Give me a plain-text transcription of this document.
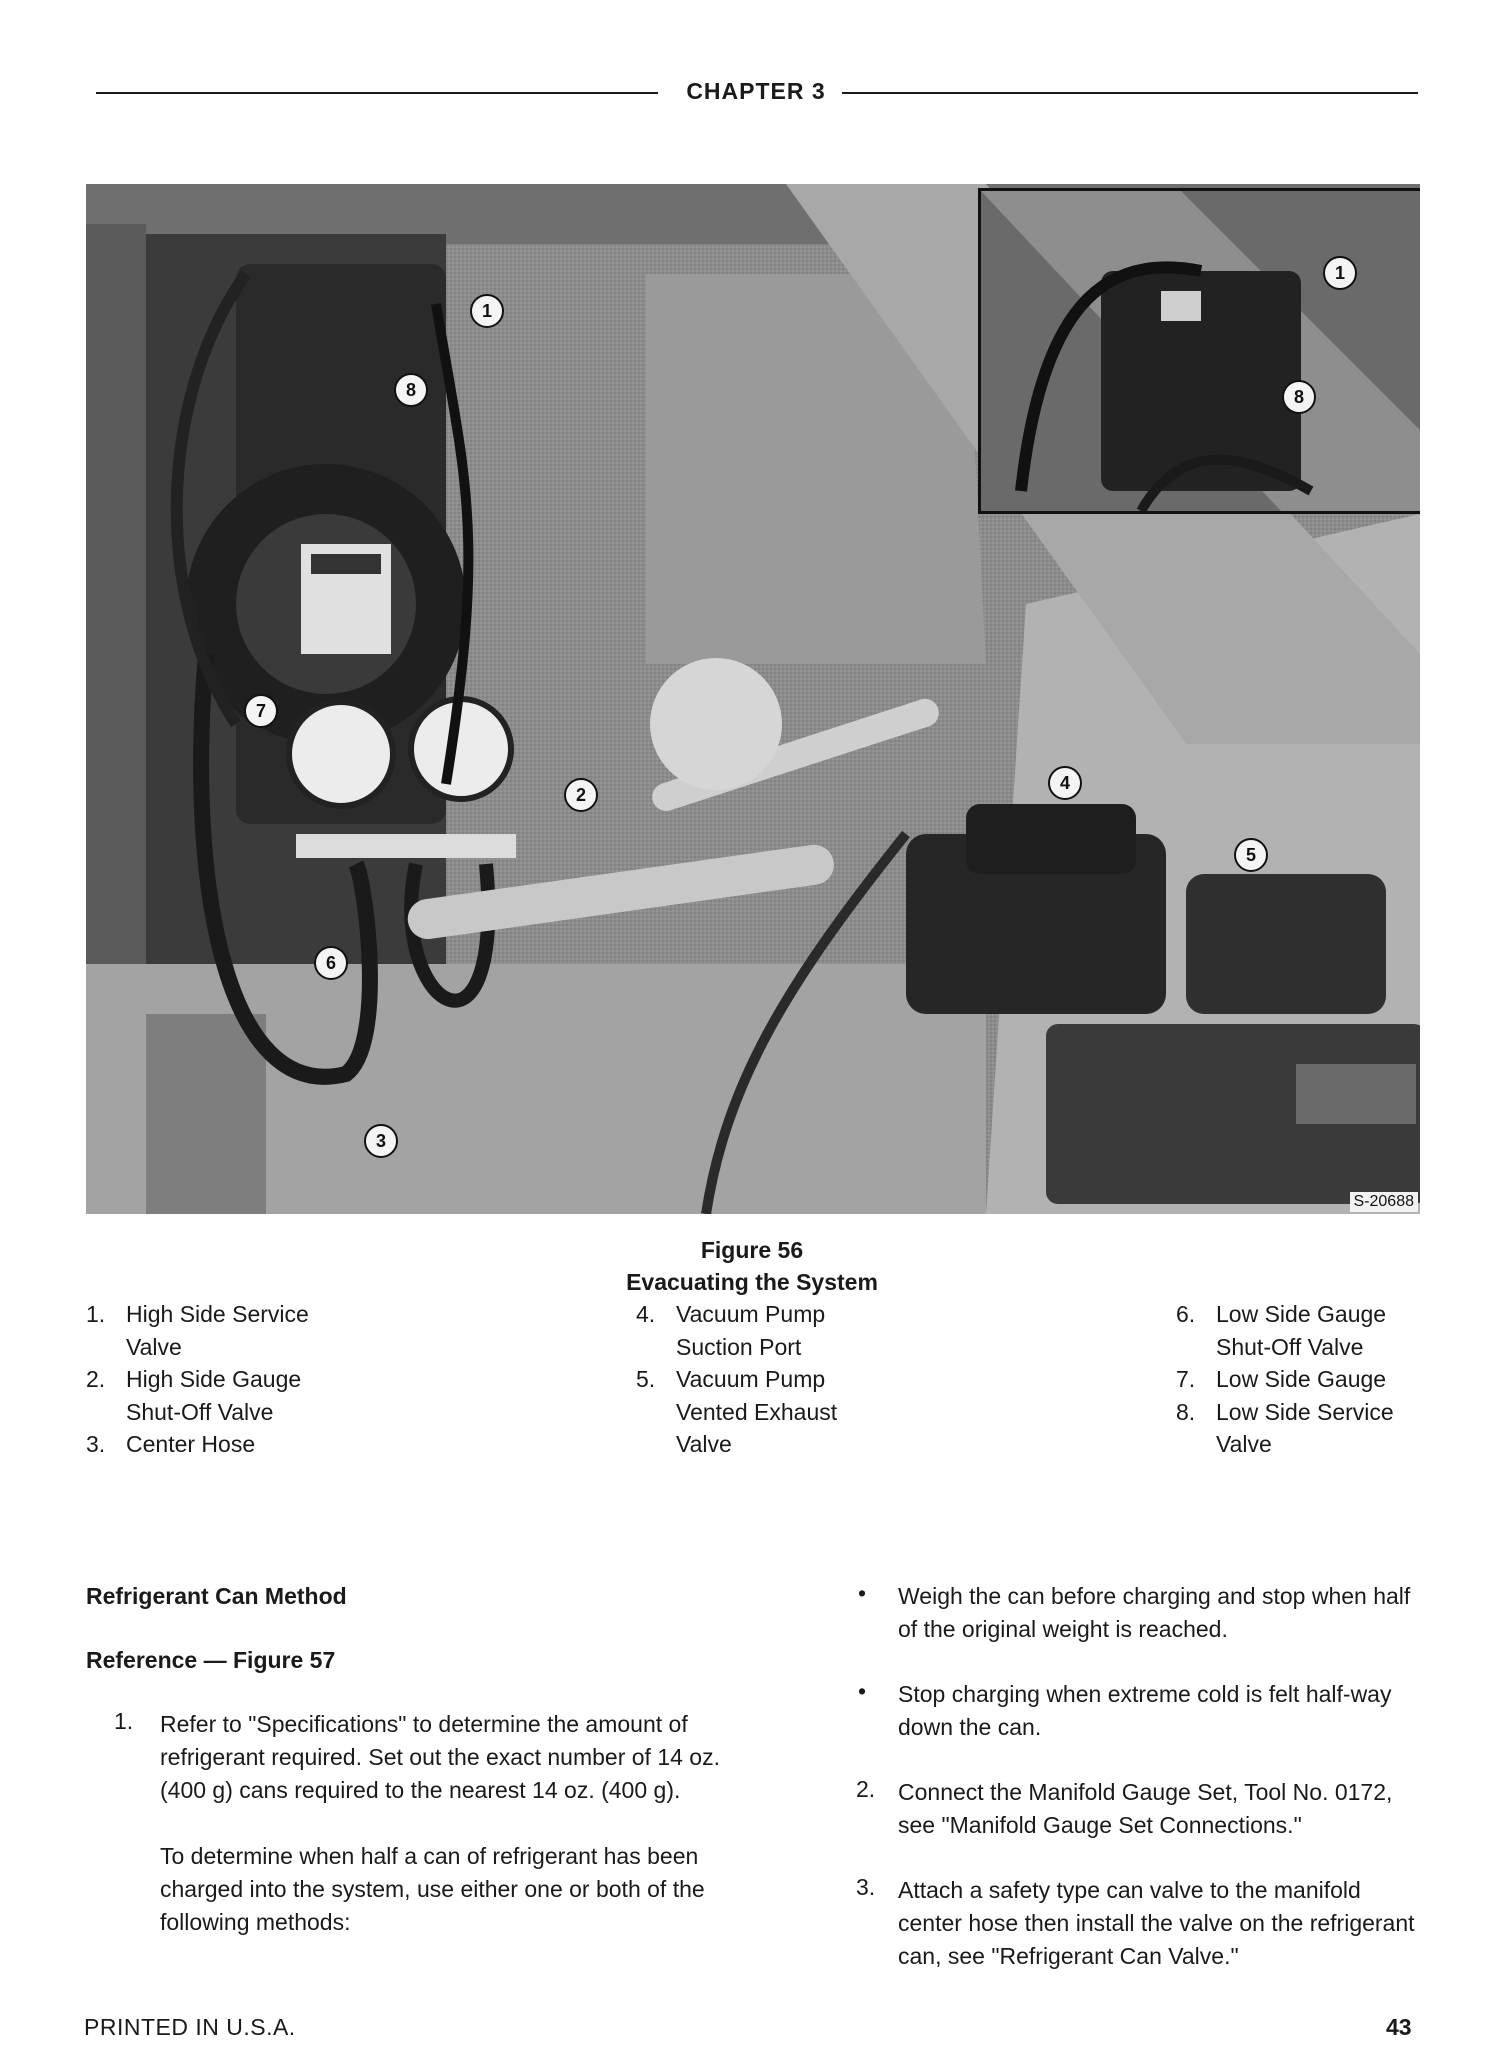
CHAPTER 3
1
8
7
2
6
3
4
5
1
8
S-20688
Figure 56
Evacuating the System
1. High Side Service
Valve
2. High Side Gauge
Shut-Off Valve
3. Center Hose
4. Vacuum Pump
Suction Port
5. Vacuum Pump
Vented Exhaust
Valve
6. Low Side Gauge
Shut-Off Valve
7. Low Side Gauge
8. Low Side Service
Valve

Refrigerant Can Method

Reference — Figure 57

1.	Refer to "Specifications" to determine the amount of refrigerant required. Set out the exact number of 14 oz. (400 g) cans required to the nearest 14 oz. (400 g).
To determine when half a can of refrigerant has been charged into the system, use either one or both of the following methods:
•	Weigh the can before charging and stop when half of the original weight is reached.
•	Stop charging when extreme cold is felt half-way down the can.
2. Connect the Manifold Gauge Set, Tool No. 0172, see "Manifold Gauge Set Connections."
3. Attach a safety type can valve to the manifold center hose then install the valve on the refrigerant can, see "Refrigerant Can Valve."
PRINTED IN U.S.A.	43
